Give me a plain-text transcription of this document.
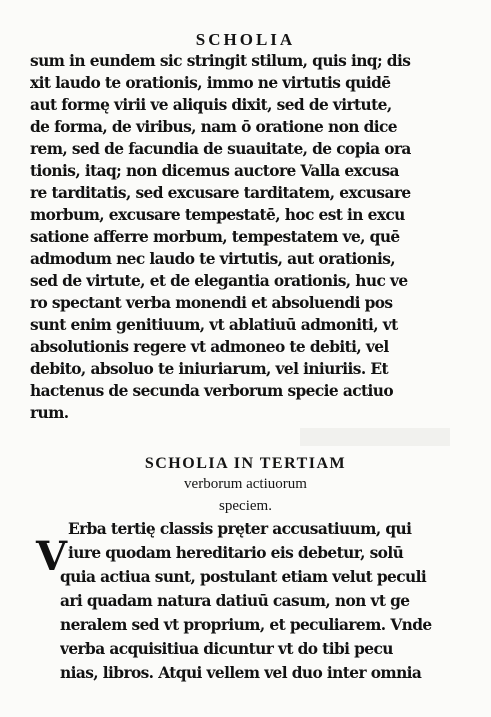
SCHOLIA
sum in eundem sic stringit stilum, quis inq; dis
xit laudo te orationis, immo ne virtutis quidē
aut formę virii ve aliquis dixit, sed de virtute,
de forma, de viribus, nam ō oratione non dice
rem, sed de facundia de suauitate, de copia ora
tionis, itaq; non dicemus auctore Valla excusa
re tarditatis, sed excusare tarditatem, excusare
morbum, excusare tempestatē, hoc est in excu
satione afferre morbum, tempestatem ve, quē
admodum nec laudo te virtutis, aut orationis,
sed de virtute, et de elegantia orationis, huc ve
ro spectant verba monendi et absoluendi pos
sunt enim genitiuum, vt ablatiuū admoniti, vt
absolutionis regere vt admoneo te debiti, vel
debito, absoluo te iniuriarum, vel iniuriis. Et
hactenus de secunda verborum specie actiuo
rum.
SCHOLIA IN TERTIAM
verborum actiuorum
speciem.
V
Erba tertię classis pręter accusatiuum, qui
iure quodam hereditario eis debetur, solū
quia actiua sunt, postulant etiam velut peculi
ari quadam natura datiuū casum, non vt ge
neralem sed vt proprium, et peculiarem. Vnde
verba acquisitiua dicuntur vt do tibi pecu
nias, libros. Atqui vellem vel duo inter omnia
